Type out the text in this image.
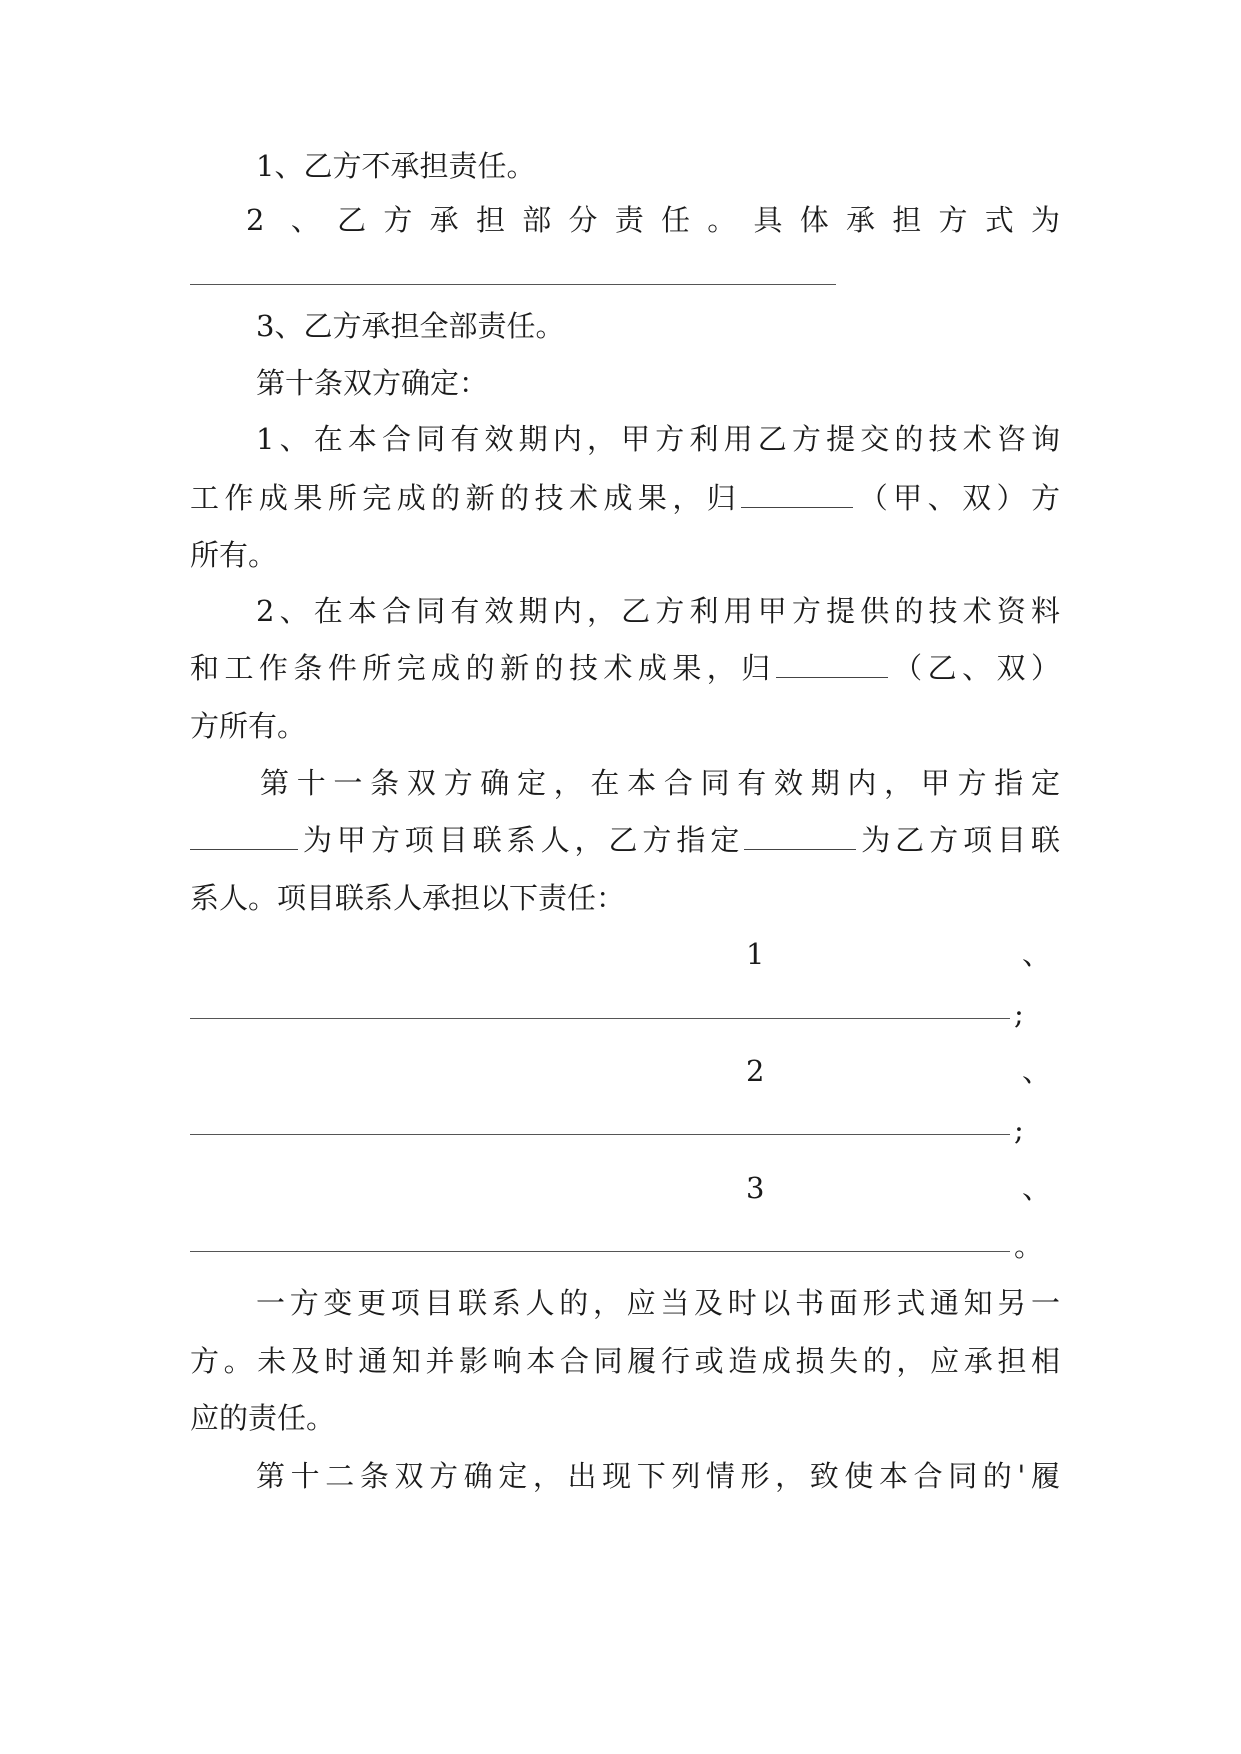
1、乙方不承担责任。
2 、乙方承担部分责任。具体承担方式为
3、乙方承担全部责任。
第十条双方确定：
1、在本合同有效期内，甲方利用乙方提交的技术咨询
工作成果所完成的新的技术成果，归	（甲、双）方
所有。
2、在本合同有效期内，乙方利用甲方提供的技术资料
和工作条件所完成的新的技术成果，归	（乙、双）
方所有。
第十一条双方确定，在本合同有效期内，甲方指定
为甲方项目联系人，乙方指定	为乙方项目联
系人。项目联系人承担以下责任：
1	、
;
2	、
;
3	、
。
一方变更项目联系人的，应当及时以书面形式通知另一
方。未及时通知并影响本合同履行或造成损失的，应承担相
应的责任。
第十二条双方确定，出现下列情形，致使本合同的'履
